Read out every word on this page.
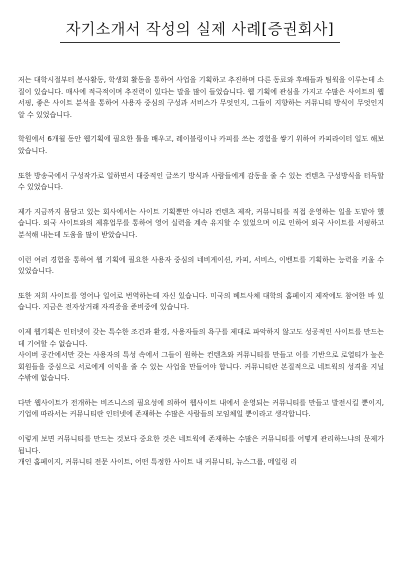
자기소개서 작성의 실제 사례[증권회사]

저는 대학시절부터 봉사활동, 학생회 활동을 통하여 사업을 기획하고 추진하며 다른 동료와 후배들과 팀웍을 이루는데 소질이 있습니다. 매사에 적극적이며 추진력이 있다는 말을 많이 들었습니다. 웹 기획에 관심을 가지고 수많은 사이트의 웹서핑, 좋은 사이트 분석을 통하여 사용자 중심의 구성과 서비스가 무엇인지, 그들이 지향하는 커뮤니티 방식이 무엇인지 알 수 있었습니다.

학원에서 6개월 동안 웹기획에 필요한 툴을 배우고, 레이블링이나 카피를 쓰는 경험을 쌓기 위하여 카피라이터 일도 해보았습니다.

또한 방송국에서 구성작가로 일하면서 대중적인 글쓰기 방식과 사람들에게 감동을 줄 수 있는 컨텐츠 구성방식을 터득할 수 있었습니다.

제가 지금까지 몸담고 있는 회사에서는 사이트 기획뿐만 아니라 컨텐츠 제작, 커뮤니티를 직접 운영하는 일을 도맡아 했습니다. 외국 사이트와의 제휴업무를 통하여 영어 실력을 계속 유지할 수 있었으며 이로 인하여 외국 사이트를 서핑하고 분석해 내는데 도움을 많이 받았습니다.

이런 여러 경험을 통하여 웹 기획에 필요한 사용자 중심의 네비게이션, 카피, 서비스, 이벤트를 기획하는 능력을 키울 수 있었습니다.

또한 저희 사이트를 영어나 일어로 번역하는데 자신 있습니다. 미국의 베트사체 대학의 홈페이지 제작에도 참여한 바 있습니다. 지금은 전자상거래 자격증을 준비중에 있습니다.

이제 웹기획은 인터넷이 갖는 특수한 조건과 환경, 사용자들의 욕구를 제대로 파악하지 않고도 성공적인 사이트를 만드는데 기여할 수 없습니다.

사이버 공간에서만 갖는 사용자의 특성 속에서 그들이 원하는 컨텐츠와 커뮤니티를 만들고 이를 기반으로 로열티가 높은 회원들을 중심으로 서로에게 이익을 줄 수 있는 사업을 만들어야 합니다. 커뮤니티란 본질적으로 네트웍의 성격을 지닐 수밖에 없습니다.

다만 웹사이트가 전개하는 비즈니스의 필요성에 의하여 웹사이트 내에서 운영되는 커뮤니티를 만들고 발전시킬 뿐이지, 기업에 따라서는 커뮤니티란 인터넷에 존재하는 수많은 사람들의 모임체일 뿐이라고 생각합니다.

이렇게 보면 커뮤니티를 만드는 것보다 중요한 것은 네트웍에 존재하는 수많은 커뮤니티를 어떻게 관리하느냐의 문제가 됩니다.

개인 홈페이지, 커뮤니티 전문 사이트, 어떤 특정한 사이트 내 커뮤니티, 뉴스그룹, 메일링 리
